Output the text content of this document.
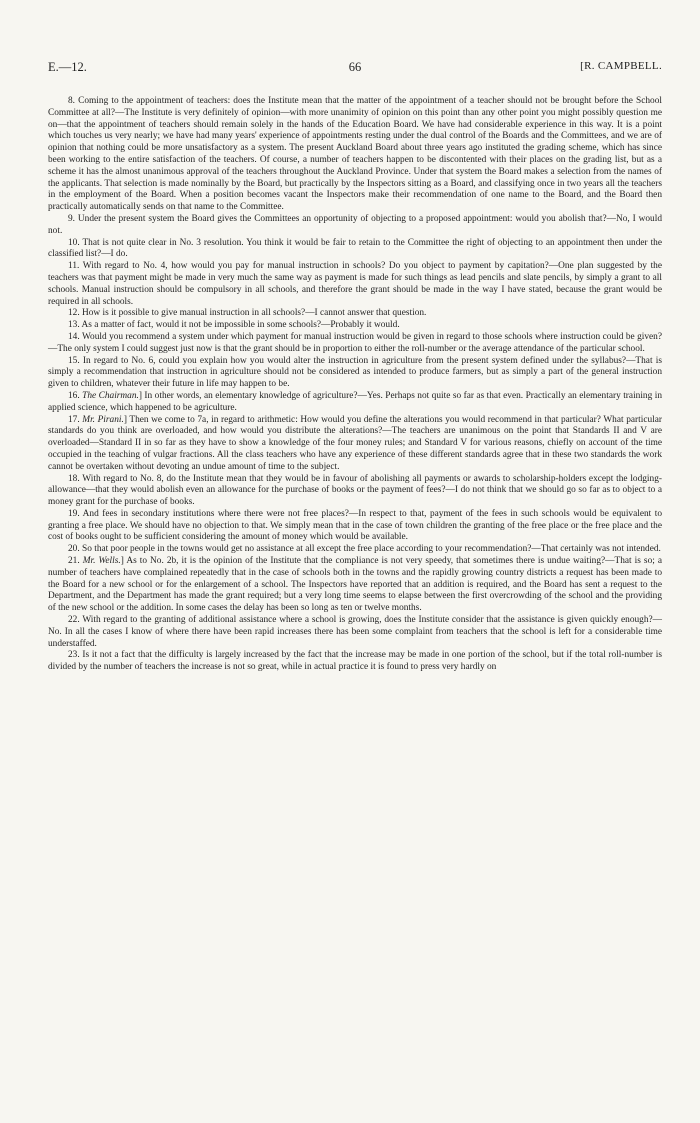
E.—12.	66	[R. CAMPBELL.

8. Coming to the appointment of teachers: does the Institute mean that the matter of the appointment of a teacher should not be brought before the School Committee at all?—The Institute is very definitely of opinion—with more unanimity of opinion on this point than any other point you might possibly question me on—that the appointment of teachers should remain solely in the hands of the Education Board. We have had considerable experience in this way. It is a point which touches us very nearly; we have had many years' experience of appointments resting under the dual control of the Boards and the Committees, and we are of opinion that nothing could be more unsatisfactory as a system. The present Auckland Board about three years ago instituted the grading scheme, which has since been working to the entire satisfaction of the teachers. Of course, a number of teachers happen to be discontented with their places on the grading list, but as a scheme it has the almost unanimous approval of the teachers throughout the Auckland Province. Under that system the Board makes a selection from the names of the applicants. That selection is made nominally by the Board, but practically by the Inspectors sitting as a Board, and classifying once in two years all the teachers in the employment of the Board. When a position becomes vacant the Inspectors make their recommendation of one name to the Board, and the Board then practically automatically sends on that name to the Committee.

9. Under the present system the Board gives the Committees an opportunity of objecting to a proposed appointment: would you abolish that?—No, I would not.

10. That is not quite clear in No. 3 resolution. You think it would be fair to retain to the Committee the right of objecting to an appointment then under the classified list?—I do.

11. With regard to No. 4, how would you pay for manual instruction in schools? Do you object to payment by capitation?—One plan suggested by the teachers was that payment might be made in very much the same way as payment is made for such things as lead pencils and slate pencils, by simply a grant to all schools. Manual instruction should be compulsory in all schools, and therefore the grant should be made in the way I have stated, because the grant would be required in all schools.

12. How is it possible to give manual instruction in all schools?—I cannot answer that question.

13. As a matter of fact, would it not be impossible in some schools?—Probably it would.

14. Would you recommend a system under which payment for manual instruction would be given in regard to those schools where instruction could be given?—The only system I could suggest just now is that the grant should be in proportion to either the roll-number or the average attendance of the particular school.

15. In regard to No. 6, could you explain how you would alter the instruction in agriculture from the present system defined under the syllabus?—That is simply a recommendation that instruction in agriculture should not be considered as intended to produce farmers, but as simply a part of the general instruction given to children, whatever their future in life may happen to be.

16. The Chairman.] In other words, an elementary knowledge of agriculture?—Yes. Perhaps not quite so far as that even. Practically an elementary training in applied science, which happened to be agriculture.

17. Mr. Pirani.] Then we come to 7a, in regard to arithmetic: How would you define the alterations you would recommend in that particular? What particular standards do you think are overloaded, and how would you distribute the alterations?—The teachers are unanimous on the point that Standards II and V are overloaded—Standard II in so far as they have to show a knowledge of the four money rules; and Standard V for various reasons, chiefly on account of the time occupied in the teaching of vulgar fractions. All the class teachers who have any experience of these different standards agree that in these two standards the work cannot be overtaken without devoting an undue amount of time to the subject.

18. With regard to No. 8, do the Institute mean that they would be in favour of abolishing all payments or awards to scholarship-holders except the lodging-allowance—that they would abolish even an allowance for the purchase of books or the payment of fees?—I do not think that we should go so far as to object to a money grant for the purchase of books.

19. And fees in secondary institutions where there were not free places?—In respect to that, payment of the fees in such schools would be equivalent to granting a free place. We should have no objection to that. We simply mean that in the case of town children the granting of the free place or the free place and the cost of books ought to be sufficient considering the amount of money which would be available.

20. So that poor people in the towns would get no assistance at all except the free place according to your recommendation?—That certainly was not intended.

21. Mr. Wells.] As to No. 2b, it is the opinion of the Institute that the compliance is not very speedy, that sometimes there is undue waiting?—That is so; a number of teachers have complained repeatedly that in the case of schools both in the towns and the rapidly growing country districts a request has been made to the Board for a new school or for the enlargement of a school. The Inspectors have reported that an addition is required, and the Board has sent a request to the Department, and the Department has made the grant required; but a very long time seems to elapse between the first overcrowding of the school and the providing of the new school or the addition. In some cases the delay has been so long as ten or twelve months.

22. With regard to the granting of additional assistance where a school is growing, does the Institute consider that the assistance is given quickly enough?—No. In all the cases I know of where there have been rapid increases there has been some complaint from teachers that the school is left for a considerable time understaffed.

23. Is it not a fact that the difficulty is largely increased by the fact that the increase may be made in one portion of the school, but if the total roll-number is divided by the number of teachers the increase is not so great, while in actual practice it is found to press very hardly on
